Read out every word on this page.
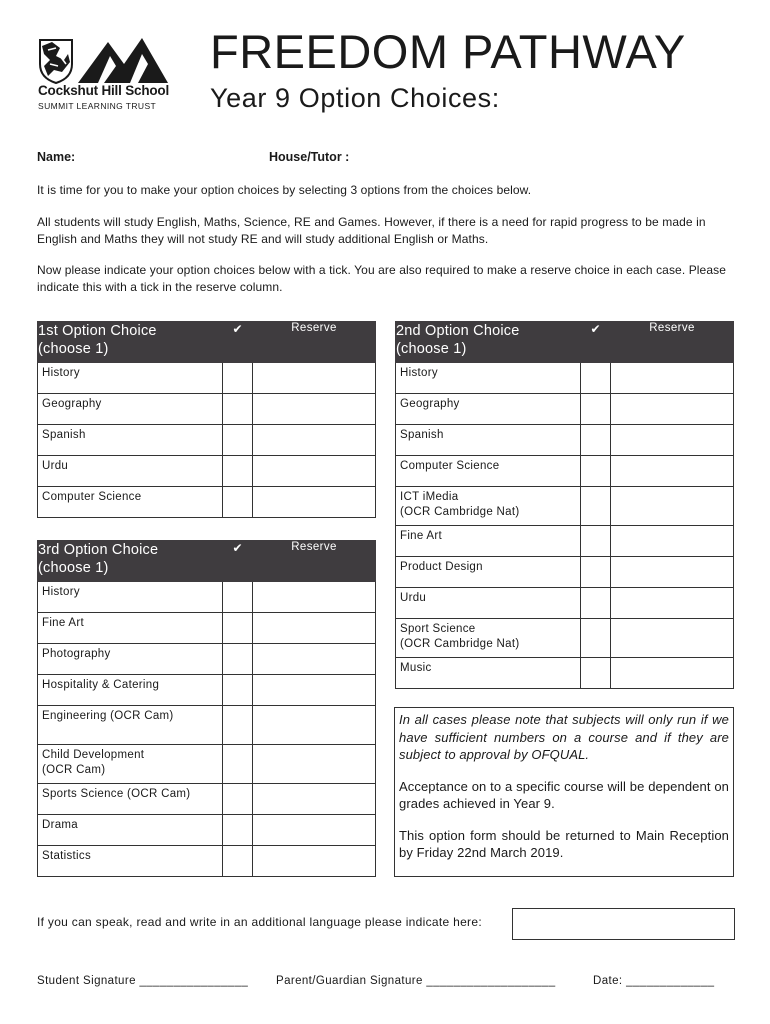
Cockshut Hill School
SUMMIT LEARNING TRUST
FREEDOM PATHWAY
Year 9 Option Choices:
Name:	House/Tutor :
It is time for you to make your option choices by selecting 3 options from the choices below.
All students will study English, Maths, Science, RE and Games. However, if there is a need for rapid progress to be made in English and Maths they will not study RE and will study additional English or Maths.
Now please indicate your option choices below with a tick. You are also required to make a reserve choice in each case. Please indicate this with a tick in the reserve column.
1st Option Choice
(choose 1)	✔	Reserve
History		
Geography		
Spanish		
Urdu		
Computer Science		
3rd Option Choice
(choose 1)	✔	Reserve
History		
Fine Art		
Photography		
Hospitality & Catering		
Engineering (OCR Cam)		
Child Development
(OCR Cam)		
Sports Science (OCR Cam)		
Drama		
Statistics		
2nd Option Choice
(choose 1)	✔	Reserve
History		
Geography		
Spanish		
Computer Science		
ICT iMedia
(OCR Cambridge Nat)		
Fine Art		
Product Design		
Urdu		
Sport Science
(OCR Cambridge Nat)		
Music		

In all cases please note that subjects will only run if we have sufficient numbers on a course and if they are subject to approval by OFQUAL.

Acceptance on to a specific course will be dependent on grades achieved in Year 9.

This option form should be returned to Main Reception by Friday 22nd March 2019.

If you can speak, read and write in an additional language please indicate here:
Student Signature ________________ Parent/Guardian Signature ___________________	Date: _____________
